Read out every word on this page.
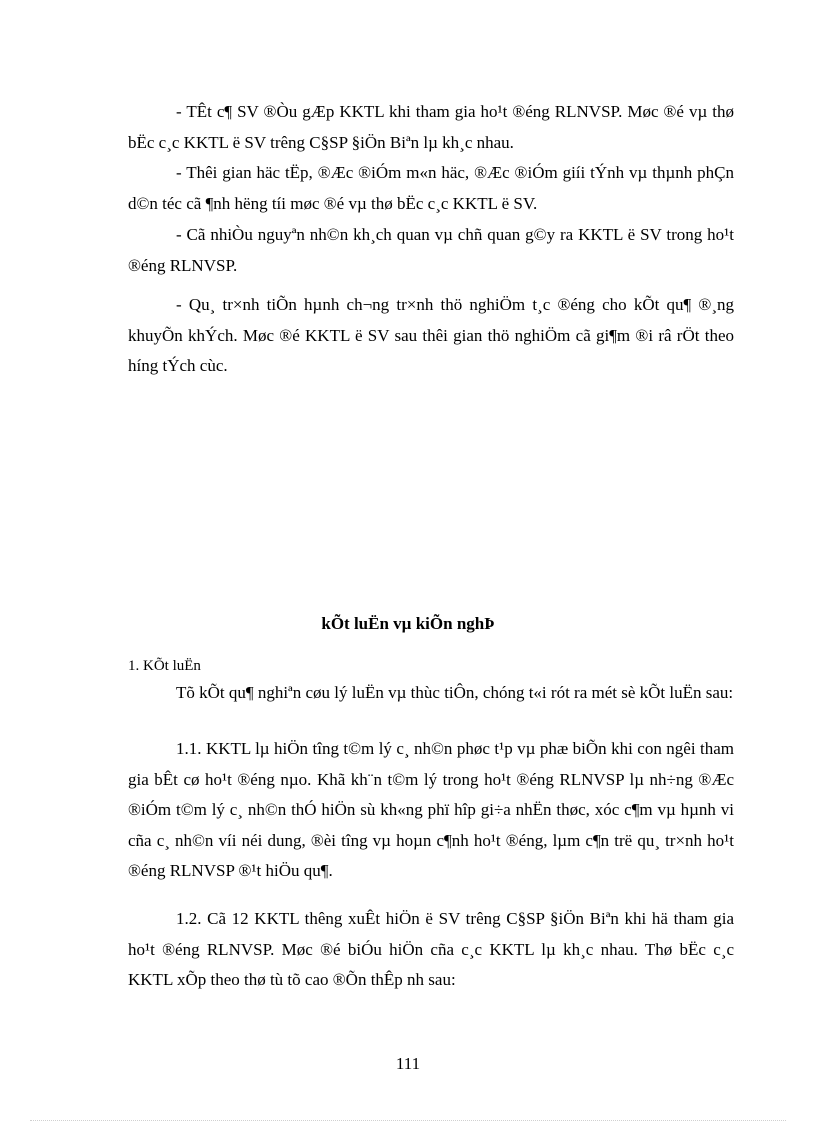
- TÊt c¶ SV ®Òu gÆp KKTL khi tham gia ho¹t ®éng RLNVSP. Møc ®é vµ thø bËc c¸c KKTL ë SV trêng C§SP §iÖn Biªn lµ kh¸c nhau.

- Thêi gian häc tËp, ®Æc ®iÓm m«n häc, ®Æc ®iÓm giíi tÝnh vµ thµnh phÇn d©n téc cã ¶nh hëng tíi møc ®é vµ thø bËc c¸c KKTL ë SV.

- Cã nhiÒu nguyªn nh©n kh¸ch quan vµ chñ quan g©y ra KKTL ë SV trong ho¹t ®éng RLNVSP.

- Qu¸ tr×nh tiÕn hµnh ch¬ng tr×nh thö nghiÖm t¸c ®éng cho kÕt qu¶ ®¸ng khuyÕn khÝch. Møc ®é KKTL ë SV sau thêi gian thö nghiÖm cã gi¶m ®i râ rÖt theo híng tÝch cùc.

kÕt luËn vµ kiÕn nghÞ

1. KÕt luËn

Tõ kÕt qu¶ nghiªn cøu lý luËn vµ thùc tiÔn, chóng t«i rót ra mét sè kÕt luËn sau:

1.1. KKTL lµ hiÖn tîng t©m lý c¸ nh©n phøc t¹p vµ phæ biÕn khi con ngêi tham gia bÊt cø ho¹t ®éng nµo. Khã kh¨n t©m lý trong ho¹t ®éng RLNVSP lµ nh÷ng ®Æc ®iÓm t©m lý c¸ nh©n thÓ hiÖn sù kh«ng phï hîp gi÷a nhËn thøc, xóc c¶m vµ hµnh vi cña c¸ nh©n víi néi dung, ®èi tîng vµ hoµn c¶nh ho¹t ®éng, lµm c¶n trë qu¸ tr×nh ho¹t ®éng RLNVSP ®¹t hiÖu qu¶.

1.2. Cã 12 KKTL thêng xuÊt hiÖn ë SV trêng C§SP §iÖn Biªn khi hä tham gia ho¹t ®éng RLNVSP. Møc ®é biÓu hiÖn cña c¸c KKTL lµ kh¸c nhau. Thø bËc c¸c KKTL xÕp theo thø tù tõ cao ®Õn thÊp nh sau:

111
